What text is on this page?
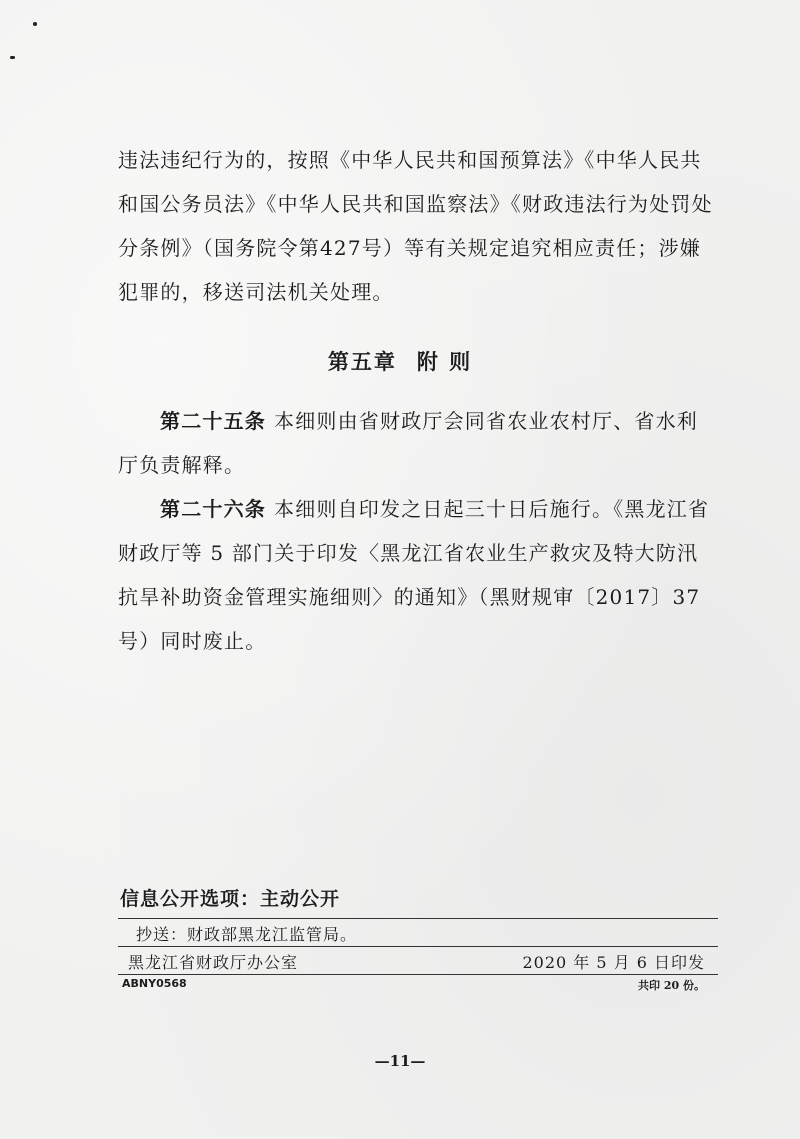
违法违纪行为的，按照《中华人民共和国预算法》《中华人民共和国公务员法》《中华人民共和国监察法》《财政违法行为处罚处分条例》（国务院令第427号）等有关规定追究相应责任；涉嫌犯罪的，移送司法机关处理。

第五章 附 则

第二十五条 本细则由省财政厅会同省农业农村厅、省水利厅负责解释。

第二十六条 本细则自印发之日起三十日后施行。《黑龙江省财政厅等 5 部门关于印发〈黑龙江省农业生产救灾及特大防汛抗旱补助资金管理实施细则〉的通知》（黑财规审〔2017〕37号）同时废止。

信息公开选项：主动公开
抄送：财政部黑龙江监管局。
黑龙江省财政厅办公室	2020 年 5 月 6 日印发
ABNY0568	共印 20 份。
—11—
